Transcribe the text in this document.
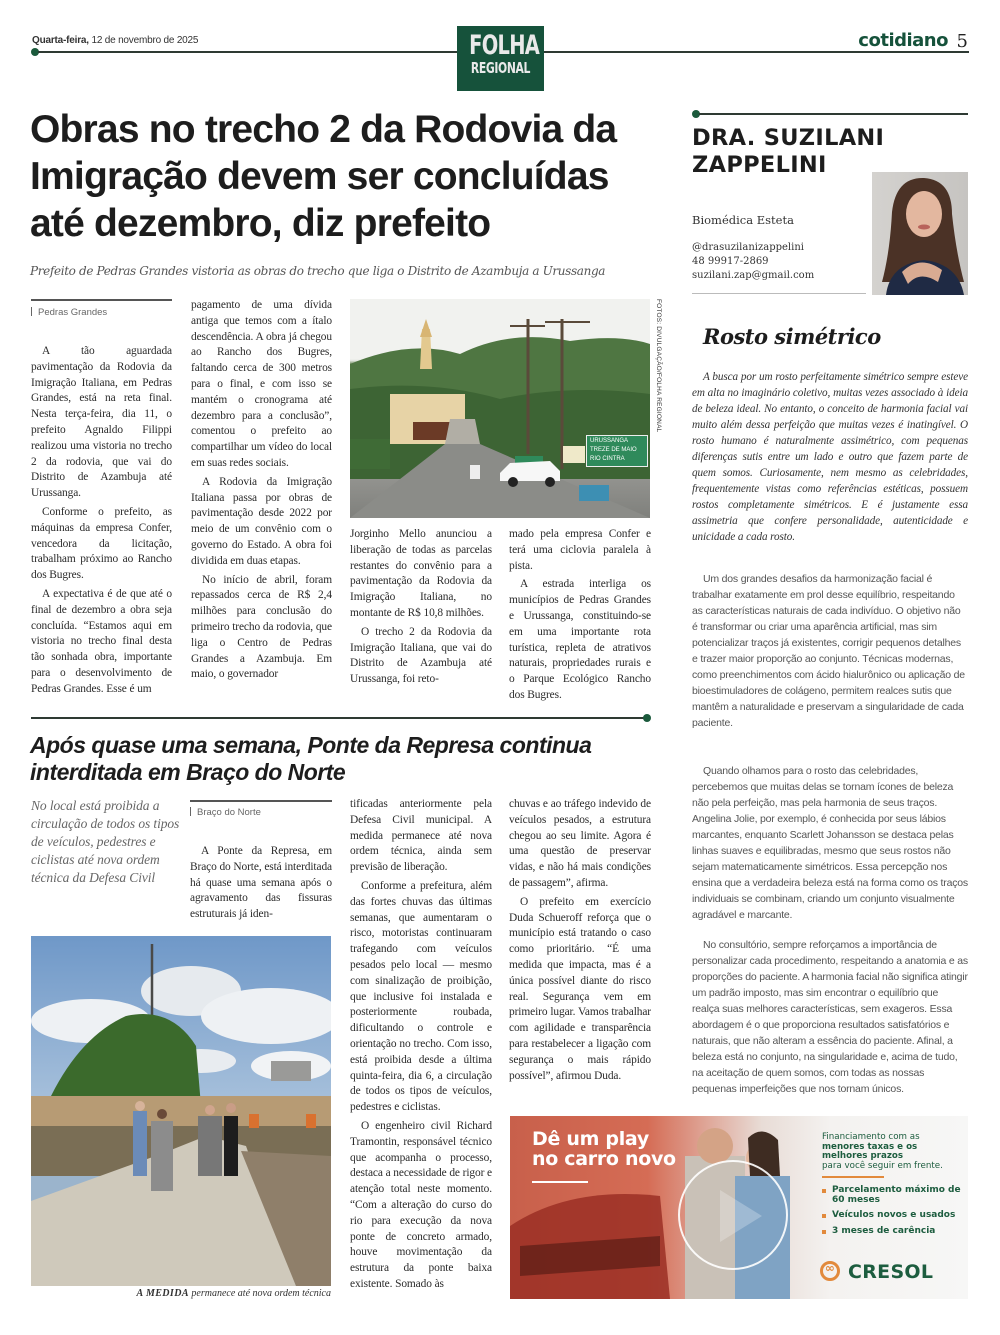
Quarta-feira, 12 de novembro de 2025	FOLHA
REGIONAL
cotidiano 5
Obras no trecho 2 da Rodovia da Imigração devem ser concluídas até dezembro, diz prefeito
Prefeito de Pedras Grandes vistoria as obras do trecho que liga o Distrito de Azambuja a Urussanga
Pedras Grandes

A tão aguardada pavimentação da Rodovia da Imigração Italiana, em Pedras Grandes, está na reta final. Nesta terça-feira, dia 11, o prefeito Agnaldo Filippi realizou uma vistoria no trecho 2 da rodovia, que vai do Distrito de Azambuja até Urussanga.

Conforme o prefeito, as máquinas da empresa Confer, vencedora da licitação, trabalham próximo ao Rancho dos Bugres.

A expectativa é de que até o final de dezembro a obra seja concluída. “Estamos aqui em vistoria no trecho final desta tão sonhada obra, importante para o desenvolvimento de Pedras Grandes. Esse é um

pagamento de uma dívida antiga que temos com a ítalo descendência. A obra já chegou ao Rancho dos Bugres, faltando cerca de 300 metros para o final, e com isso se mantém o cronograma até dezembro para a conclusão”, comentou o prefeito ao compartilhar um vídeo do local em suas redes sociais.

A Rodovia da Imigração Italiana passa por obras de pavimentação desde 2022 por meio de um convênio com o governo do Estado. A obra foi dividida em duas etapas.

No início de abril, foram repassados cerca de R$ 2,4 milhões para conclusão do primeiro trecho da rodovia, que liga o Centro de Pedras Grandes a Azambuja. Em maio, o governador

URUSSANGA
TREZE DE MAIO
RIO CINTRA
FOTOS: DIVULGAÇÃO/FOLHA REGIONAL

Jorginho Mello anunciou a liberação de todas as parcelas restantes do convênio para a pavimentação da Rodovia da Imigração Italiana, no montante de R$ 10,8 milhões.

O trecho 2 da Rodovia da Imigração Italiana, que vai do Distrito de Azambuja até Urussanga, foi reto-

mado pela empresa Confer e terá uma ciclovia paralela à pista.

A estrada interliga os municípios de Pedras Grandes e Urussanga, constituindo-se em uma importante rota turística, repleta de atrativos naturais, propriedades rurais e o Parque Ecológico Rancho dos Bugres.

DRA. SUZILANI ZAPPELINI
Biomédica Esteta
@drasuzilanizappelini
48 99917-2869
suzilani.zap@gmail.com
Rosto simétrico

A busca por um rosto perfeitamente simétrico sempre esteve em alta no imaginário coletivo, muitas vezes associado à ideia de beleza ideal. No entanto, o conceito de harmonia facial vai muito além dessa perfeição que muitas vezes é inatingível. O rosto humano é naturalmente assimétrico, com pequenas diferenças sutis entre um lado e outro que fazem parte de quem somos. Curiosamente, nem mesmo as celebridades, frequentemente vistas como referências estéticas, possuem rostos completamente simétricos. E é justamente essa assimetria que confere personalidade, autenticidade e unicidade a cada rosto.

Um dos grandes desafios da harmonização facial é trabalhar exatamente em prol desse equilíbrio, respeitando as características naturais de cada indivíduo. O objetivo não é transformar ou criar uma aparência artificial, mas sim potencializar traços já existentes, corrigir pequenos detalhes e trazer maior proporção ao conjunto. Técnicas modernas, como preenchimentos com ácido hialurônico ou aplicação de bioestimuladores de colágeno, permitem realces sutis que mantêm a naturalidade e preservam a singularidade de cada paciente.

Quando olhamos para o rosto das celebridades, percebemos que muitas delas se tornam ícones de beleza não pela perfeição, mas pela harmonia de seus traços. Angelina Jolie, por exemplo, é conhecida por seus lábios marcantes, enquanto Scarlett Johansson se destaca pelas linhas suaves e equilibradas, mesmo que seus rostos não sejam matematicamente simétricos. Essa percepção nos ensina que a verdadeira beleza está na forma como os traços individuais se combinam, criando um conjunto visualmente agradável e marcante.

No consultório, sempre reforçamos a importância de personalizar cada procedimento, respeitando a anatomia e as proporções do paciente. A harmonia facial não significa atingir um padrão imposto, mas sim encontrar o equilíbrio que realça suas melhores características, sem exageros. Essa abordagem é o que proporciona resultados satisfatórios e naturais, que não alteram a essência do paciente. Afinal, a beleza está no conjunto, na singularidade e, acima de tudo, na aceitação de quem somos, com todas as nossas pequenas imperfeições que nos tornam únicos.

Após quase uma semana, Ponte da Represa continua interditada em Braço do Norte
No local está proibida a circulação de todos os tipos de veículos, pedestres e ciclistas até nova ordem técnica da Defesa Civil
Braço do Norte

A Ponte da Represa, em Braço do Norte, está interditada há quase uma semana após o agravamento das fissuras estruturais já iden-

tificadas anteriormente pela Defesa Civil municipal. A medida permanece até nova ordem técnica, ainda sem previsão de liberação.

Conforme a prefeitura, além das fortes chuvas das últimas semanas, que aumentaram o risco, motoristas continuaram trafegando com veículos pesados pelo local — mesmo com sinalização de proibição, que inclusive foi instalada e posteriormente roubada, dificultando o controle e orientação no trecho. Com isso, está proibida desde a última quinta-feira, dia 6, a circulação de todos os tipos de veículos, pedestres e ciclistas.

O engenheiro civil Richard Tramontin, responsável técnico que acompanha o processo, destaca a necessidade de rigor e atenção total neste momento. “Com a alteração do curso do rio para execução da nova ponte de concreto armado, houve movimentação da estrutura da ponte baixa existente. Somado às

chuvas e ao tráfego indevido de veículos pesados, a estrutura chegou ao seu limite. Agora é uma questão de preservar vidas, e não há mais condições de passagem”, afirma.

O prefeito em exercício Duda Schueroff reforça que o município está tratando o caso como prioritário. “É uma medida que impacta, mas é a única possível diante do risco real. Segurança vem em primeiro lugar. Vamos trabalhar com agilidade e transparência para restabelecer a ligação com segurança o mais rápido possível”, afirmou Duda.

A MEDIDA permanece até nova ordem técnica
Dê um play
no carro novo
Financiamento com as
menores taxas e os
melhores prazos
para você seguir em frente.
Parcelamento máximo de 60 meses
Veículos novos e usados
3 meses de carência
∞CRESOL
